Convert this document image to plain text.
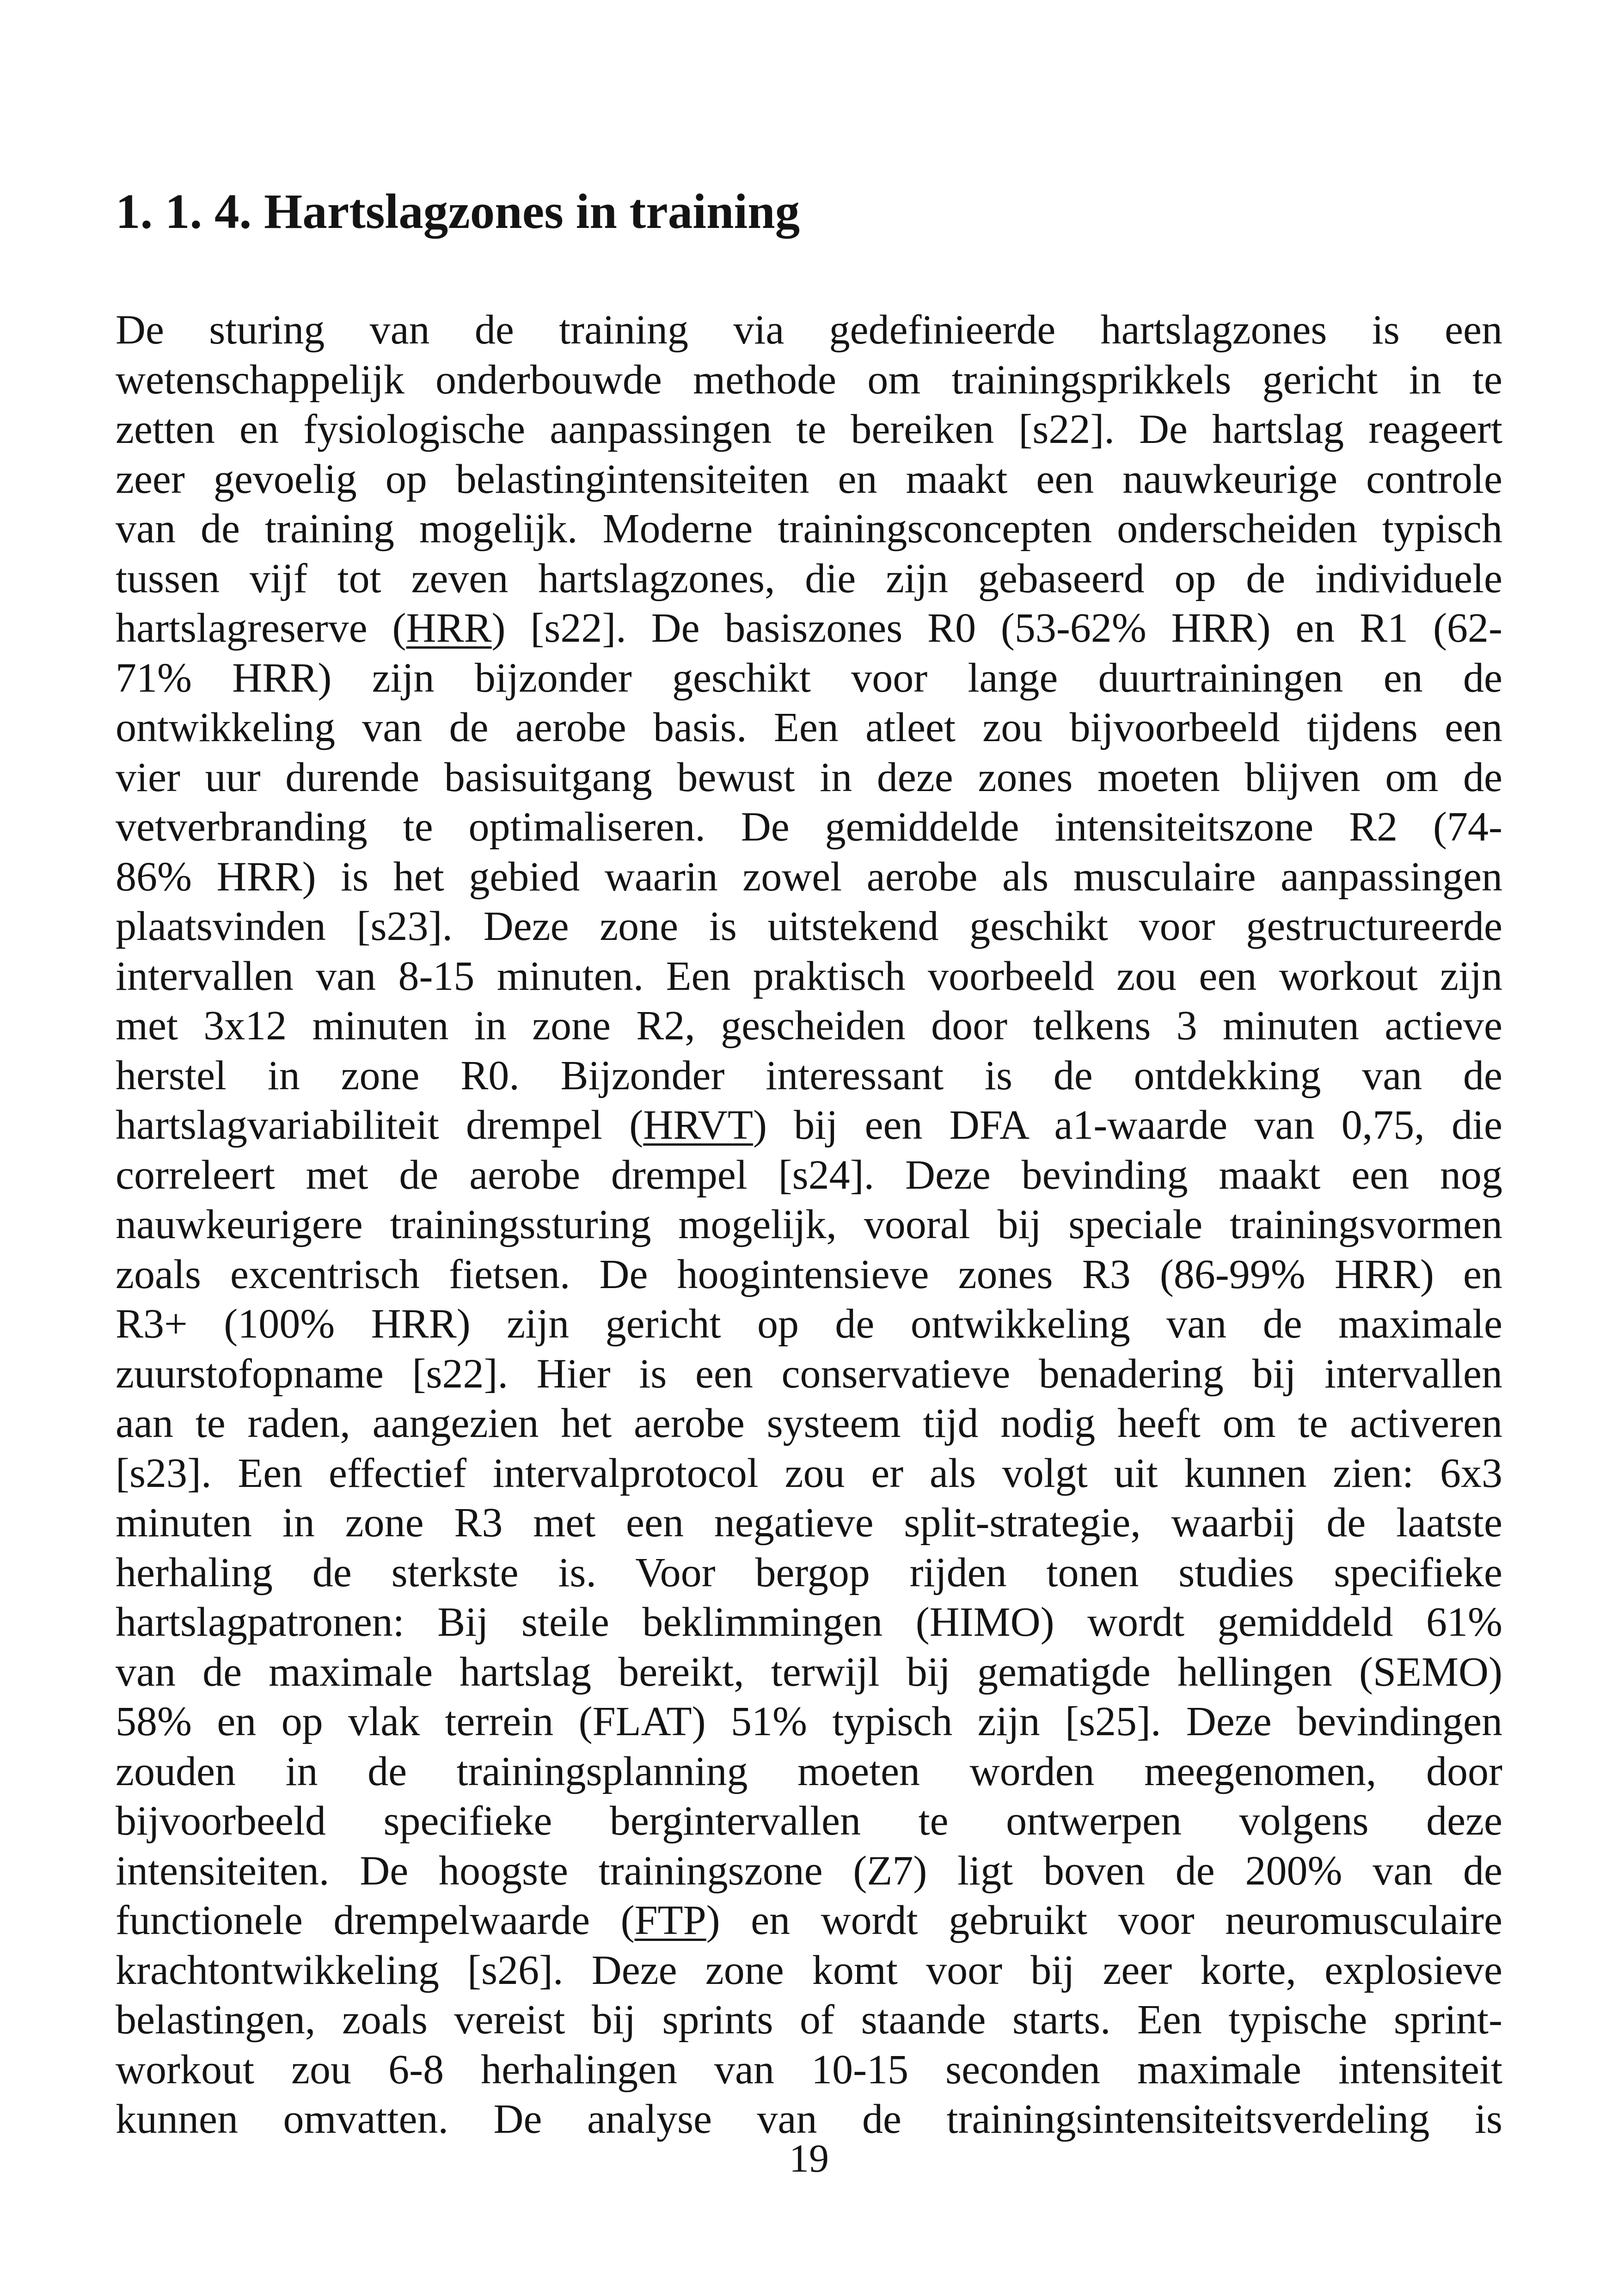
1. 1. 4. Hartslagzones in training
De sturing van de training via gedefinieerde hartslagzones is een
wetenschappelijk onderbouwde methode om trainingsprikkels gericht in te
zetten en fysiologische aanpassingen te bereiken [s22]. De hartslag reageert
zeer gevoelig op belastingintensiteiten en maakt een nauwkeurige controle
van de training mogelijk. Moderne trainingsconcepten onderscheiden typisch
tussen vijf tot zeven hartslagzones, die zijn gebaseerd op de individuele
hartslagreserve (HRR) [s22]. De basiszones R0 (53-62% HRR) en R1 (62-
71% HRR) zijn bijzonder geschikt voor lange duurtrainingen en de
ontwikkeling van de aerobe basis. Een atleet zou bijvoorbeeld tijdens een
vier uur durende basisuitgang bewust in deze zones moeten blijven om de
vetverbranding te optimaliseren. De gemiddelde intensiteitszone R2 (74-
86% HRR) is het gebied waarin zowel aerobe als musculaire aanpassingen
plaatsvinden [s23]. Deze zone is uitstekend geschikt voor gestructureerde
intervallen van 8-15 minuten. Een praktisch voorbeeld zou een workout zijn
met 3x12 minuten in zone R2, gescheiden door telkens 3 minuten actieve
herstel in zone R0. Bijzonder interessant is de ontdekking van de
hartslagvariabiliteit drempel (HRVT) bij een DFA a1-waarde van 0,75, die
correleert met de aerobe drempel [s24]. Deze bevinding maakt een nog
nauwkeurigere trainingssturing mogelijk, vooral bij speciale trainingsvormen
zoals excentrisch fietsen. De hoogintensieve zones R3 (86-99% HRR) en
R3+ (100% HRR) zijn gericht op de ontwikkeling van de maximale
zuurstofopname [s22]. Hier is een conservatieve benadering bij intervallen
aan te raden, aangezien het aerobe systeem tijd nodig heeft om te activeren
[s23]. Een effectief intervalprotocol zou er als volgt uit kunnen zien: 6x3
minuten in zone R3 met een negatieve split-strategie, waarbij de laatste
herhaling de sterkste is. Voor bergop rijden tonen studies specifieke
hartslagpatronen: Bij steile beklimmingen (HIMO) wordt gemiddeld 61%
van de maximale hartslag bereikt, terwijl bij gematigde hellingen (SEMO)
58% en op vlak terrein (FLAT) 51% typisch zijn [s25]. Deze bevindingen
zouden in de trainingsplanning moeten worden meegenomen, door
bijvoorbeeld specifieke bergintervallen te ontwerpen volgens deze
intensiteiten. De hoogste trainingszone (Z7) ligt boven de 200% van de
functionele drempelwaarde (FTP) en wordt gebruikt voor neuromusculaire
krachtontwikkeling [s26]. Deze zone komt voor bij zeer korte, explosieve
belastingen, zoals vereist bij sprints of staande starts. Een typische sprint-
workout zou 6-8 herhalingen van 10-15 seconden maximale intensiteit
kunnen omvatten. De analyse van de trainingsintensiteitsverdeling is
19
